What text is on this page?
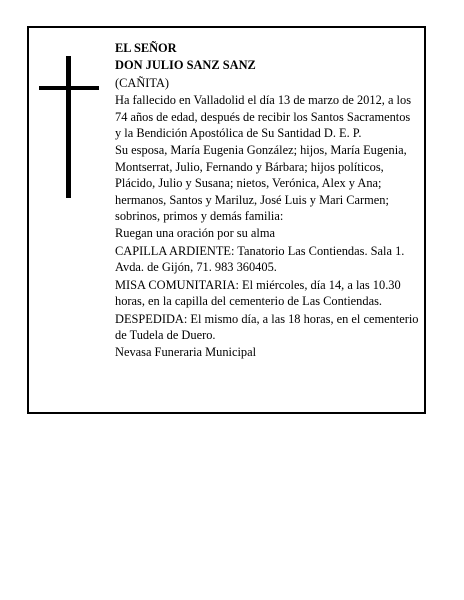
EL SEÑOR

DON JULIO SANZ SANZ

(CAÑITA)

Ha fallecido en Valladolid el día 13 de marzo de 2012, a los 74 años de edad, después de recibir los Santos Sacramentos y la Bendición Apostólica de Su Santidad D. E. P.

Su esposa, María Eugenia González; hijos, María Eugenia, Montserrat, Julio, Fernando y Bárbara; hijos políticos, Plácido, Julio y Susana; nietos, Verónica, Alex y Ana; hermanos, Santos y Mariluz, José Luis y Mari Carmen; sobrinos, primos y demás familia:

Ruegan una oración por su alma

CAPILLA ARDIENTE: Tanatorio Las Contiendas. Sala 1. Avda. de Gijón, 71. 983 360405.

MISA COMUNITARIA: El miércoles, día 14, a las 10.30 horas, en la capilla del cementerio de Las Contiendas.

DESPEDIDA: El mismo día, a las 18 horas, en el cementerio de Tudela de Duero.

Nevasa Funeraria Municipal
